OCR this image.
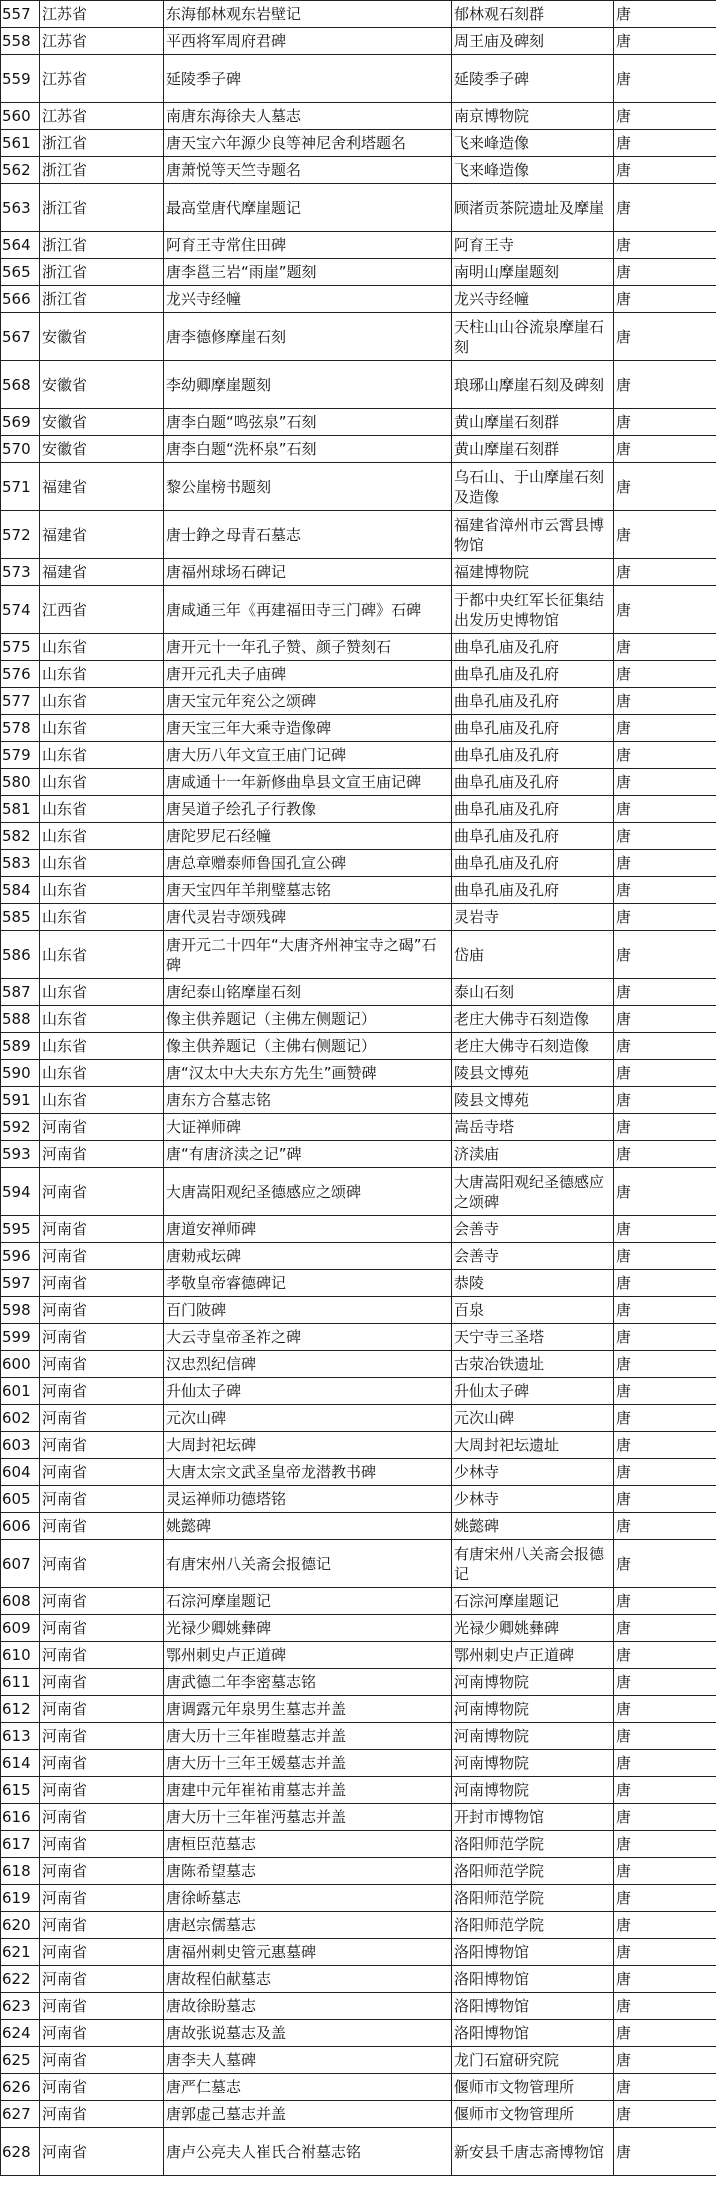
557	江苏省	东海郁林观东岩壁记	郁林观石刻群	唐
558	江苏省	平西将军周府君碑	周王庙及碑刻	唐
559	江苏省	延陵季子碑	延陵季子碑	唐
560	江苏省	南唐东海徐夫人墓志	南京博物院	唐
561	浙江省	唐天宝六年源少良等神尼舍利塔题名	飞来峰造像	唐
562	浙江省	唐萧悦等天竺寺题名	飞来峰造像	唐
563	浙江省	最高堂唐代摩崖题记	顾渚贡茶院遗址及摩崖	唐
564	浙江省	阿育王寺常住田碑	阿育王寺	唐
565	浙江省	唐李邕三岩“雨崖”题刻	南明山摩崖题刻	唐
566	浙江省	龙兴寺经幢	龙兴寺经幢	唐
567	安徽省	唐李德修摩崖石刻	天柱山山谷流泉摩崖石刻	唐
568	安徽省	李幼卿摩崖题刻	琅琊山摩崖石刻及碑刻	唐
569	安徽省	唐李白题“鸣弦泉”石刻	黄山摩崖石刻群	唐
570	安徽省	唐李白题“洗杯泉”石刻	黄山摩崖石刻群	唐
571	福建省	黎公崖榜书题刻	乌石山、于山摩崖石刻及造像	唐
572	福建省	唐士錚之母青石墓志	福建省漳州市云霄县博物馆	唐
573	福建省	唐福州球场石碑记	福建博物院	唐
574	江西省	唐咸通三年《再建福田寺三门碑》石碑	于都中央红军长征集结出发历史博物馆	唐
575	山东省	唐开元十一年孔子赞、颜子赞刻石	曲阜孔庙及孔府	唐
576	山东省	唐开元孔夫子庙碑	曲阜孔庙及孔府	唐
577	山东省	唐天宝元年兖公之颂碑	曲阜孔庙及孔府	唐
578	山东省	唐天宝三年大乘寺造像碑	曲阜孔庙及孔府	唐
579	山东省	唐大历八年文宣王庙门记碑	曲阜孔庙及孔府	唐
580	山东省	唐咸通十一年新修曲阜县文宣王庙记碑	曲阜孔庙及孔府	唐
581	山东省	唐吴道子绘孔子行教像	曲阜孔庙及孔府	唐
582	山东省	唐陀罗尼石经幢	曲阜孔庙及孔府	唐
583	山东省	唐总章赠泰师鲁国孔宣公碑	曲阜孔庙及孔府	唐
584	山东省	唐天宝四年羊荆璧墓志铭	曲阜孔庙及孔府	唐
585	山东省	唐代灵岩寺颂残碑	灵岩寺	唐
586	山东省	唐开元二十四年“大唐齐州神宝寺之碣”石碑	岱庙	唐
587	山东省	唐纪泰山铭摩崖石刻	泰山石刻	唐
588	山东省	像主供养题记（主佛左侧题记）	老庄大佛寺石刻造像	唐
589	山东省	像主供养题记（主佛右侧题记）	老庄大佛寺石刻造像	唐
590	山东省	唐“汉太中大夫东方先生”画赞碑	陵县文博苑	唐
591	山东省	唐东方合墓志铭	陵县文博苑	唐
592	河南省	大证禅师碑	嵩岳寺塔	唐
593	河南省	唐“有唐济渎之记”碑	济渎庙	唐
594	河南省	大唐嵩阳观纪圣德感应之颂碑	大唐嵩阳观纪圣德感应之颂碑	唐
595	河南省	唐道安禅师碑	会善寺	唐
596	河南省	唐勅戒坛碑	会善寺	唐
597	河南省	孝敬皇帝睿德碑记	恭陵	唐
598	河南省	百门陂碑	百泉	唐
599	河南省	大云寺皇帝圣祚之碑	天宁寺三圣塔	唐
600	河南省	汉忠烈纪信碑	古荥冶铁遗址	唐
601	河南省	升仙太子碑	升仙太子碑	唐
602	河南省	元次山碑	元次山碑	唐
603	河南省	大周封祀坛碑	大周封祀坛遗址	唐
604	河南省	大唐太宗文武圣皇帝龙潜教书碑	少林寺	唐
605	河南省	灵运禅师功德塔铭	少林寺	唐
606	河南省	姚懿碑	姚懿碑	唐
607	河南省	有唐宋州八关斋会报德记	有唐宋州八关斋会报德记	唐
608	河南省	石淙河摩崖题记	石淙河摩崖题记	唐
609	河南省	光禄少卿姚彝碑	光禄少卿姚彝碑	唐
610	河南省	鄂州刺史卢正道碑	鄂州刺史卢正道碑	唐
611	河南省	唐武德二年李密墓志铭	河南博物院	唐
612	河南省	唐调露元年泉男生墓志并盖	河南博物院	唐
613	河南省	唐大历十三年崔暟墓志并盖	河南博物院	唐
614	河南省	唐大历十三年王媛墓志并盖	河南博物院	唐
615	河南省	唐建中元年崔祐甫墓志并盖	河南博物院	唐
616	河南省	唐大历十三年崔沔墓志并盖	开封市博物馆	唐
617	河南省	唐桓臣范墓志	洛阳师范学院	唐
618	河南省	唐陈希望墓志	洛阳师范学院	唐
619	河南省	唐徐峤墓志	洛阳师范学院	唐
620	河南省	唐赵宗儒墓志	洛阳师范学院	唐
621	河南省	唐福州刺史管元惠墓碑	洛阳博物馆	唐
622	河南省	唐故程伯献墓志	洛阳博物馆	唐
623	河南省	唐故徐盼墓志	洛阳博物馆	唐
624	河南省	唐故张说墓志及盖	洛阳博物馆	唐
625	河南省	唐李夫人墓碑	龙门石窟研究院	唐
626	河南省	唐严仁墓志	偃师市文物管理所	唐
627	河南省	唐郭虚己墓志并盖	偃师市文物管理所	唐
628	河南省	唐卢公亮夫人崔氏合祔墓志铭	新安县千唐志斋博物馆	唐
